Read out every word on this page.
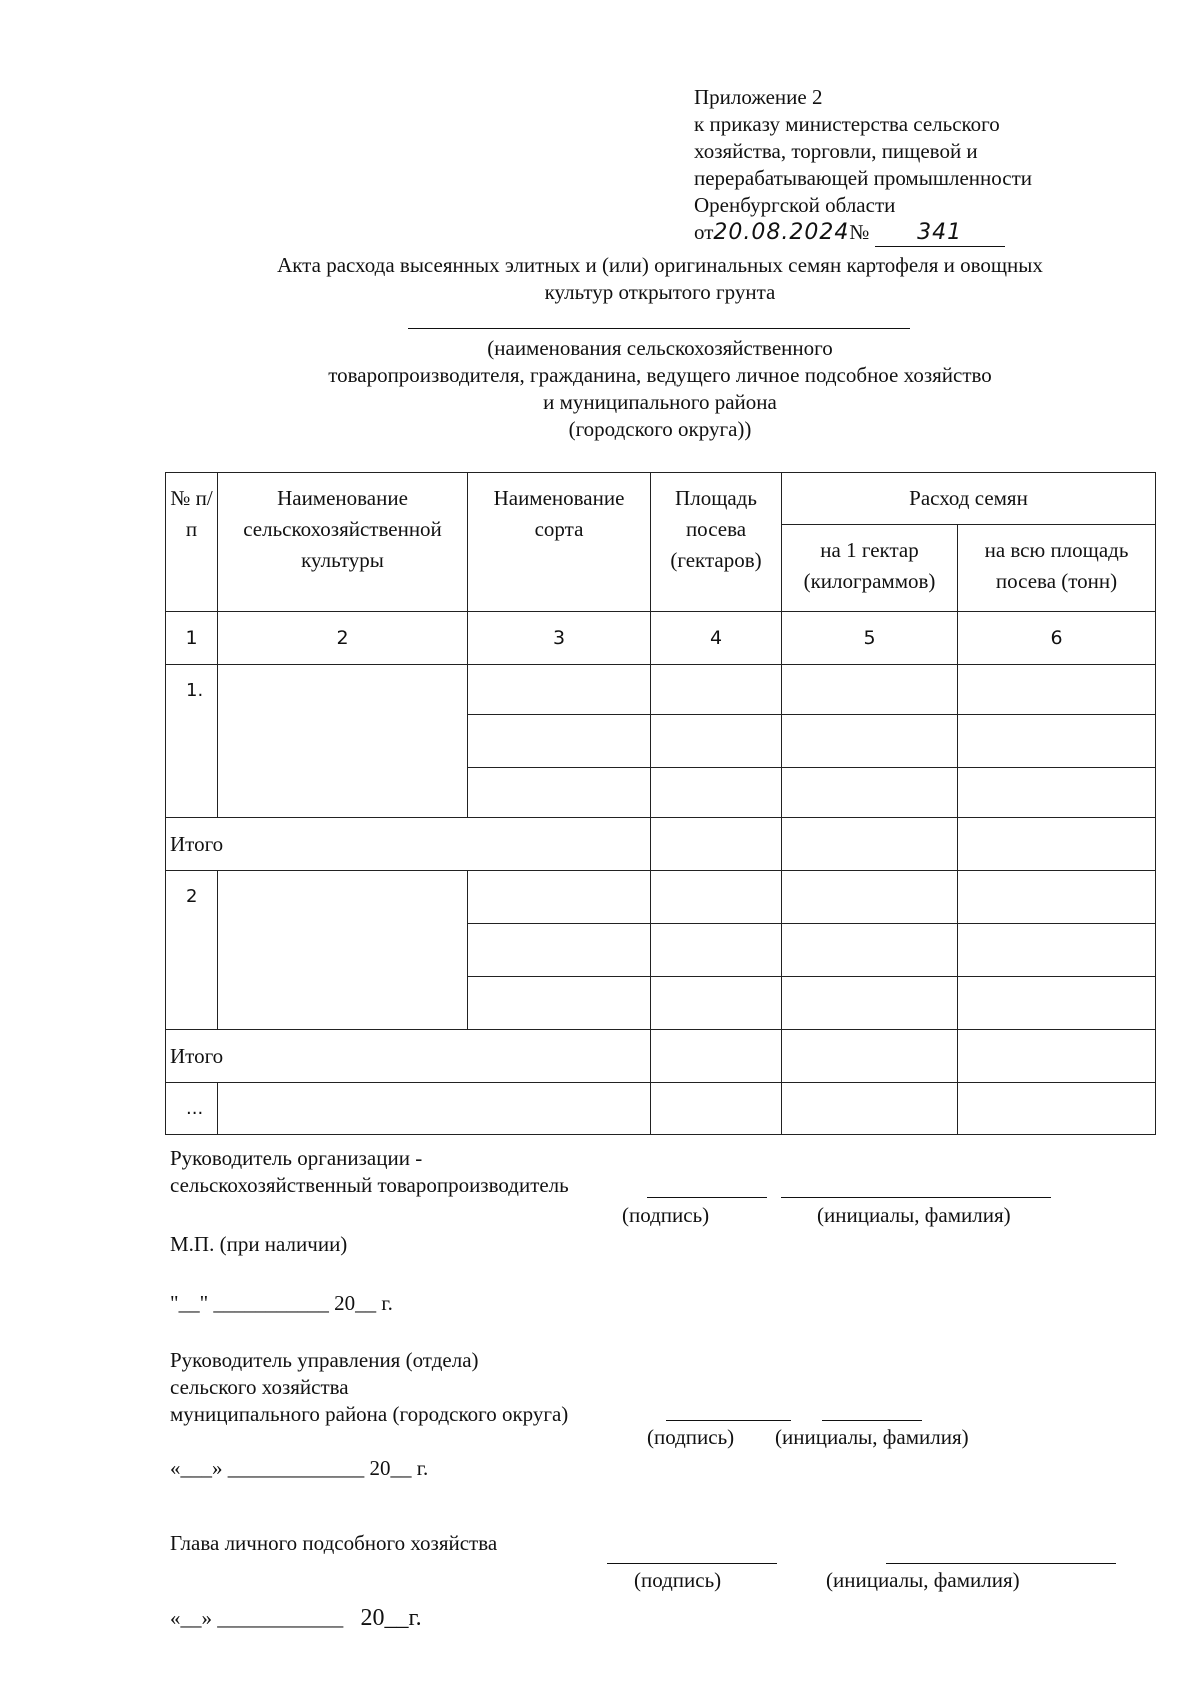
Приложение 2
к приказу министерства сельского
хозяйства, торговли, пищевой и
перерабатывающей промышленности
Оренбургской области
от20.08.2024№ 341
Акта расхода высеянных элитных и (или) оригинальных семян картофеля и овощных
культур открытого грунта
(наименования сельскохозяйственного
товаропроизводителя, гражданина, ведущего личное подсобное хозяйство
и муниципального района
(городского округа))
№ п/п	Наименование сельскохозяйственной культуры	Наименование сорта	Площадь посева (гектаров)	Расход семян	
				на 1 гектар (килограммов)	на всю площадь посева (тонн)
1	2	3	4	5	6
1.					

Итого					
2					

Итого					
...					
Руководитель организации -
сельскохозяйственный товаропроизводитель
(подпись)	(инициалы, фамилия)
М.П. (при наличии)
"__" ___________ 20__ г.
Руководитель управления (отдела)
сельского хозяйства
муниципального района (городского округа)
(подпись) (инициалы, фамилия)
«___» _____________ 20__ г.
Глава личного подсобного хозяйства
(подпись)	(инициалы, фамилия)
«__» ____________ 20__г.
